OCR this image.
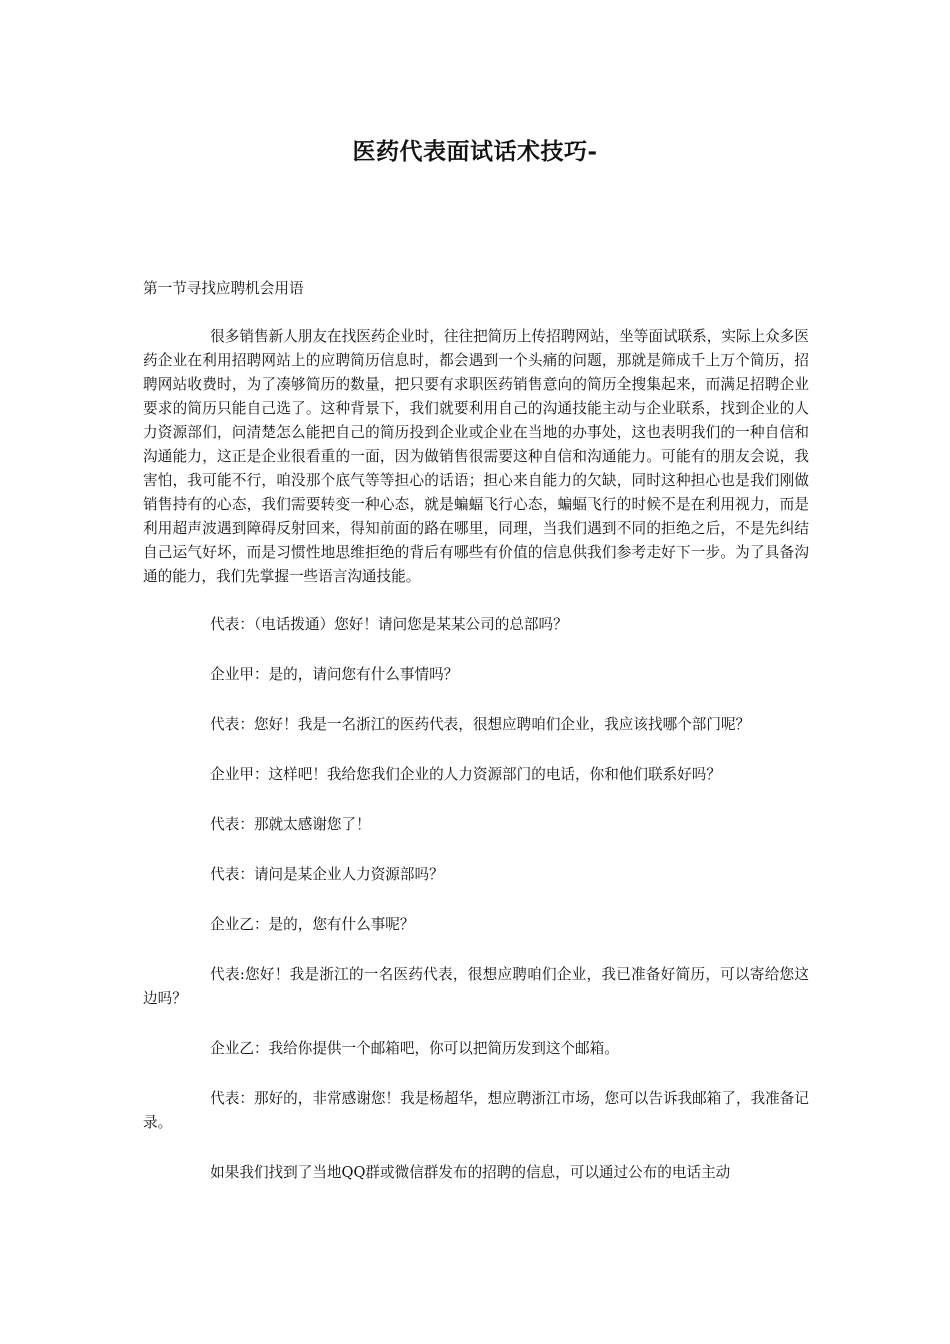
医药代表面试话术技巧-

第一节寻找应聘机会用语

很多销售新人朋友在找医药企业时，往往把简历上传招聘网站，坐等面试联系，实际上众多医药企业在利用招聘网站上的应聘简历信息时，都会遇到一个头痛的问题，那就是筛成千上万个简历，招聘网站收费时，为了凑够简历的数量，把只要有求职医药销售意向的简历全搜集起来，而满足招聘企业要求的简历只能自己选了。这种背景下，我们就要利用自己的沟通技能主动与企业联系，找到企业的人力资源部们，问清楚怎么能把自己的简历投到企业或企业在当地的办事处，这也表明我们的一种自信和沟通能力，这正是企业很看重的一面，因为做销售很需要这种自信和沟通能力。可能有的朋友会说，我害怕，我可能不行，咱没那个底气等等担心的话语；担心来自能力的欠缺，同时这种担心也是我们刚做销售持有的心态，我们需要转变一种心态，就是蝙蝠飞行心态，蝙蝠飞行的时候不是在利用视力，而是利用超声波遇到障碍反射回来，得知前面的路在哪里，同理，当我们遇到不同的拒绝之后，不是先纠结自己运气好坏，而是习惯性地思维拒绝的背后有哪些有价值的信息供我们参考走好下一步。为了具备沟通的能力，我们先掌握一些语言沟通技能。

代表：（电话拨通）您好！请问您是某某公司的总部吗？

企业甲：是的，请问您有什么事情吗？

代表：您好！我是一名浙江的医药代表，很想应聘咱们企业，我应该找哪个部门呢？

企业甲：这样吧！我给您我们企业的人力资源部门的电话，你和他们联系好吗？

代表：那就太感谢您了！

代表：请问是某企业人力资源部吗？

企业乙：是的，您有什么事呢？

代表:您好！我是浙江的一名医药代表，很想应聘咱们企业，我已准备好简历，可以寄给您这边吗？

企业乙：我给你提供一个邮箱吧，你可以把简历发到这个邮箱。

代表：那好的，非常感谢您！我是杨超华，想应聘浙江市场，您可以告诉我邮箱了，我准备记录。

如果我们找到了当地QQ群或微信群发布的招聘的信息，可以通过公布的电话主动
